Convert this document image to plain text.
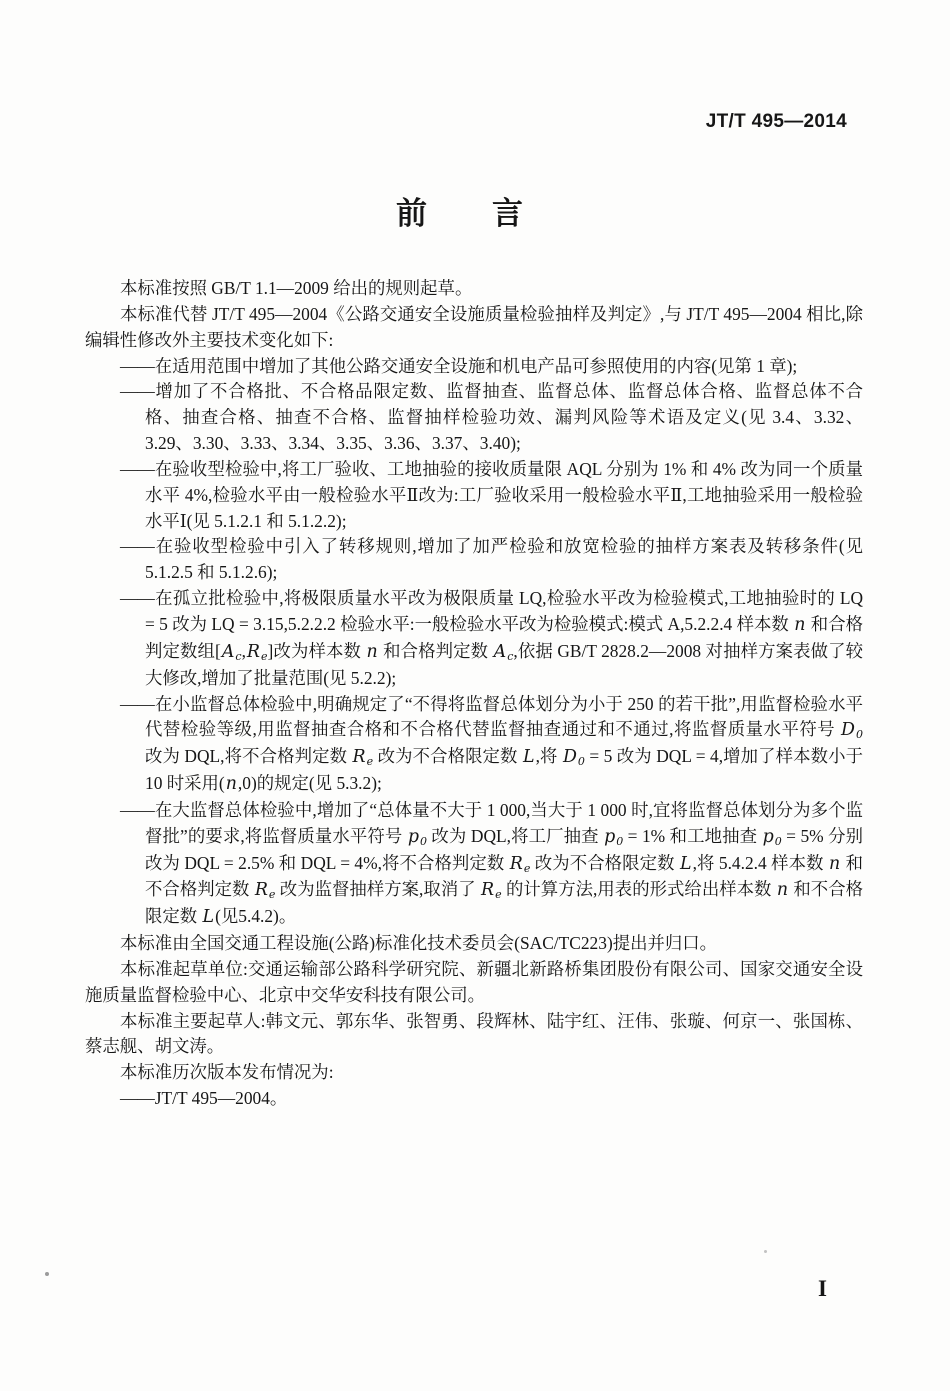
JT/T 495—2014
前　　言

本标准按照 GB/T 1.1—2009 给出的规则起草。

本标准代替 JT/T 495—2004《公路交通安全设施质量检验抽样及判定》,与 JT/T 495—2004 相比,除编辑性修改外主要技术变化如下:

——在适用范围中增加了其他公路交通安全设施和机电产品可参照使用的内容(见第 1 章);

——增加了不合格批、不合格品限定数、监督抽查、监督总体、监督总体合格、监督总体不合格、抽查合格、抽查不合格、监督抽样检验功效、漏判风险等术语及定义(见 3.4、3.32、3.29、3.30、3.33、3.34、3.35、3.36、3.37、3.40);

——在验收型检验中,将工厂验收、工地抽验的接收质量限 AQL 分别为 1% 和 4% 改为同一个质量水平 4%,检验水平由一般检验水平Ⅱ改为:工厂验收采用一般检验水平Ⅱ,工地抽验采用一般检验水平Ⅰ(见 5.1.2.1 和 5.1.2.2);

——在验收型检验中引入了转移规则,增加了加严检验和放宽检验的抽样方案表及转移条件(见 5.1.2.5 和 5.1.2.6);

——在孤立批检验中,将极限质量水平改为极限质量 LQ,检验水平改为检验模式,工地抽验时的 LQ = 5 改为 LQ = 3.15,5.2.2.2 检验水平:一般检验水平改为检验模式:模式 A,5.2.2.4 样本数 n 和合格判定数组$[A_c,R_e]$改为样本数 n 和合格判定数 $A_c$,依据 GB/T 2828.2—2008 对抽样方案表做了较大修改,增加了批量范围(见 5.2.2);

——在小监督总体检验中,明确规定了“不得将监督总体划分为小于 250 的若干批”,用监督检验水平代替检验等级,用监督抽查合格和不合格代替监督抽查通过和不通过,将监督质量水平符号 $D_0$ 改为 DQL,将不合格判定数 $R_e$ 改为不合格限定数 L,将 $D_0 = 5$ 改为 DQL = 4,增加了样本数小于 10 时采用(n,0)的规定(见 5.3.2);

——在大监督总体检验中,增加了“总体量不大于 1 000,当大于 1 000 时,宜将监督总体划分为多个监督批”的要求,将监督质量水平符号 $p_0$ 改为 DQL,将工厂抽查 $p_0 = 1\%$ 和工地抽查 $p_0 = 5\%$ 分别改为 DQL = 2.5% 和 DQL = 4%,将不合格判定数 $R_e$ 改为不合格限定数 L,将 5.4.2.4 样本数 n 和不合格判定数 $R_e$ 改为监督抽样方案,取消了 $R_e$ 的计算方法,用表的形式给出样本数 n 和不合格限定数 L(见5.4.2)。

本标准由全国交通工程设施(公路)标准化技术委员会(SAC/TC223)提出并归口。

本标准起草单位:交通运输部公路科学研究院、新疆北新路桥集团股份有限公司、国家交通安全设施质量监督检验中心、北京中交华安科技有限公司。

本标准主要起草人:韩文元、郭东华、张智勇、段辉林、陆宇红、汪伟、张璇、何京一、张国栋、蔡志舰、胡文涛。

本标准历次版本发布情况为:

——JT/T 495—2004。

I
